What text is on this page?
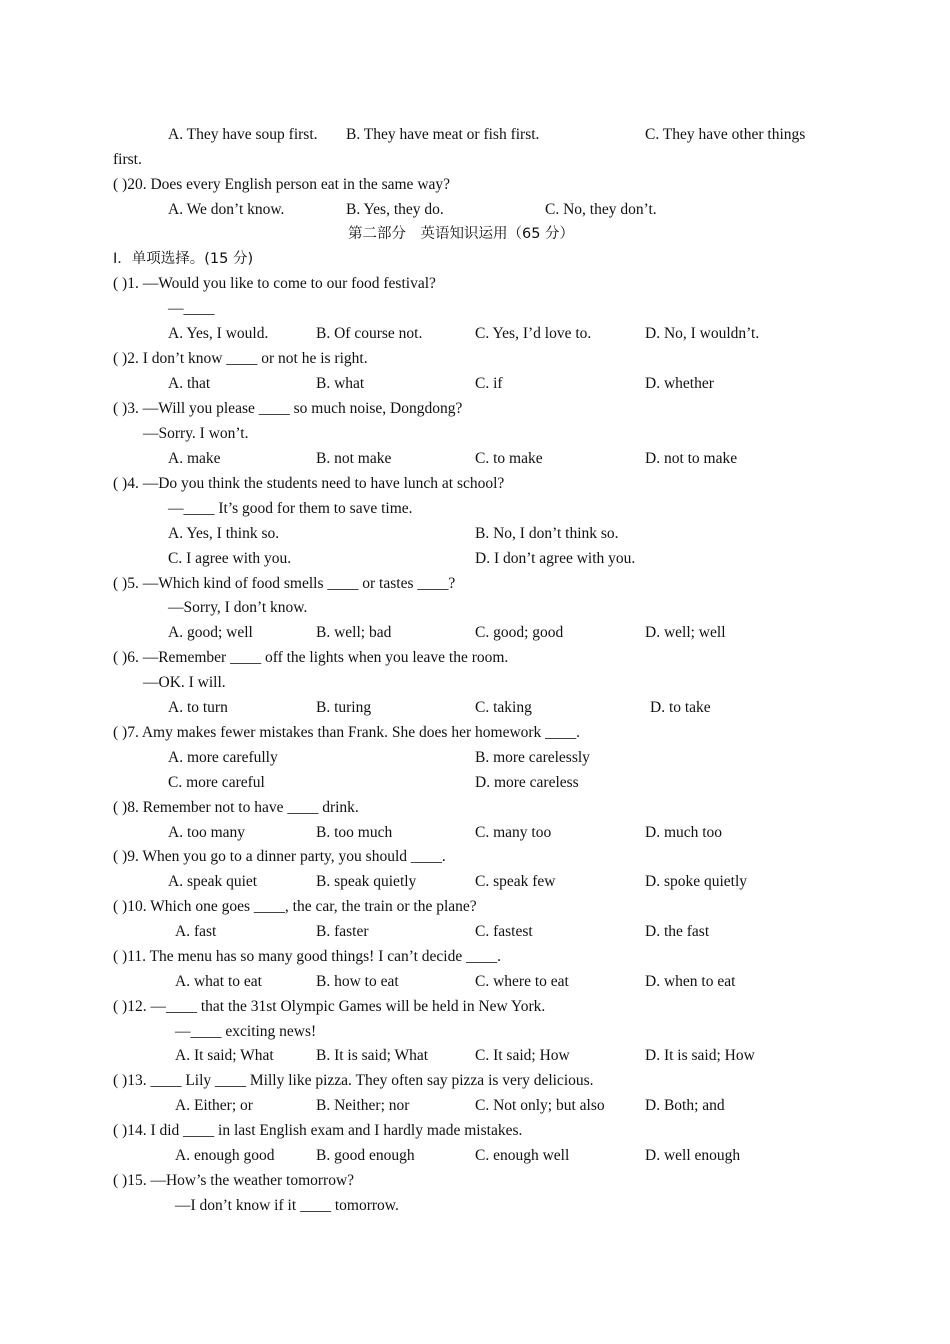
A. They have soup first. B. They have meat or fish first.	C. They have other things
first.
( )20. Does every English person eat in the same way?
A. We don’t know.	B. Yes, they do.	C. No, they don’t.
第二部分　英语知识运用（65 分）
Ⅰ．单项选择。(15 分)
( )1. —Would you like to come to our food festival?
—____
A. Yes, I would.	B. Of course not.	C. Yes, I’d love to.	D. No, I wouldn’t.
( )2. I don’t know ____ or not he is right.
A. that	B. what	C. if	D. whether
( )3. —Will you please ____ so much noise, Dongdong?
—Sorry. I won’t.
A. make	B. not make	C. to make	D. not to make
( )4. —Do you think the students need to have lunch at school?
—____ It’s good for them to save time.
A. Yes, I think so.	B. No, I don’t think so.
C. I agree with you.	D. I don’t agree with you.
( )5. —Which kind of food smells ____ or tastes ____?
—Sorry, I don’t know.
A. good; well	B. well; bad	C. good; good	D. well; well
( )6. —Remember ____ off the lights when you leave the room.
—OK. I will.
A. to turn	B. turing	C. taking	D. to take
( )7. Amy makes fewer mistakes than Frank. She does her homework ____.
A. more carefully	B. more carelessly
C. more careful	D. more careless
( )8. Remember not to have ____ drink.
A. too many	B. too much	C. many too	D. much too
( )9. When you go to a dinner party, you should ____.
A. speak quiet	B. speak quietly	C. speak few	D. spoke quietly
( )10. Which one goes ____, the car, the train or the plane?
A. fast	B. faster	C. fastest	D. the fast
( )11. The menu has so many good things! I can’t decide ____.
A. what to eat	B. how to eat	C. where to eat	D. when to eat
( )12. —____ that the 31st Olympic Games will be held in New York.
—____ exciting news!
A. It said; What	B. It is said; What	C. It said; How	D. It is said; How
( )13. ____ Lily ____ Milly like pizza. They often say pizza is very delicious.
A. Either; or	B. Neither; nor	C. Not only; but also	D. Both; and
( )14. I did ____ in last English exam and I hardly made mistakes.
A. enough good	B. good enough	C. enough well	D. well enough
( )15. —How’s the weather tomorrow?
—I don’t know if it ____ tomorrow.
